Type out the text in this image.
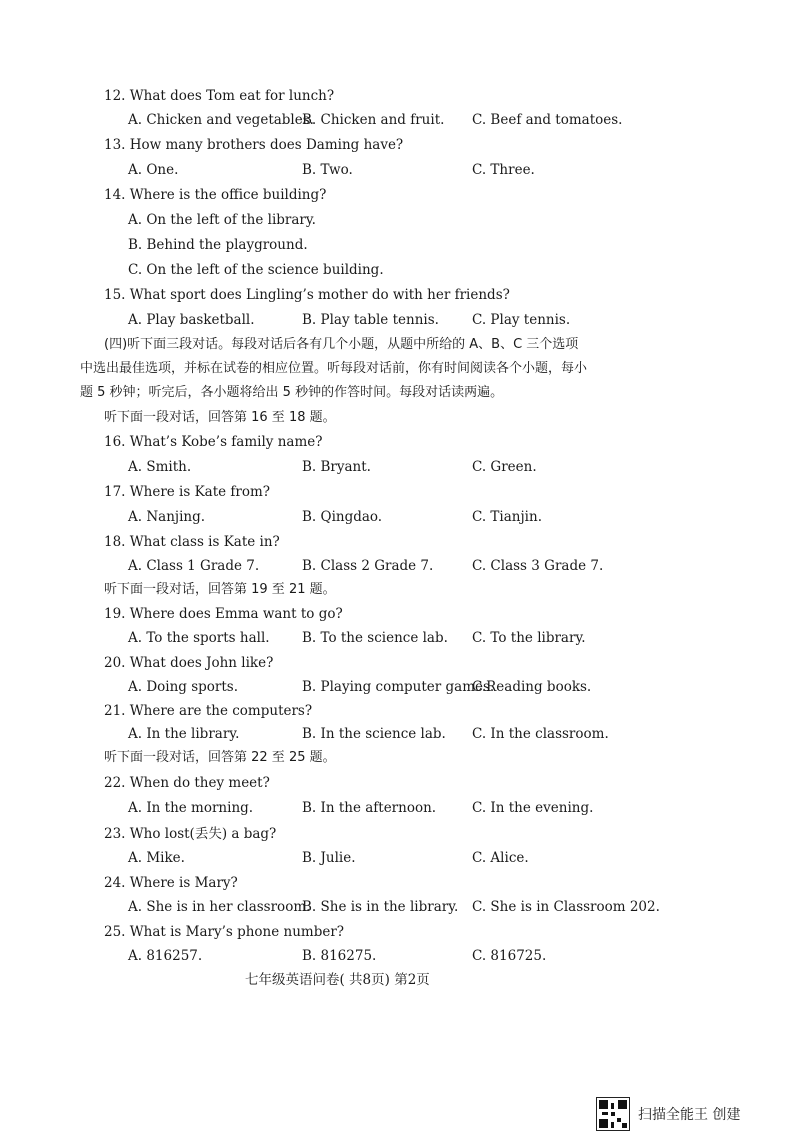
12. What does Tom eat for lunch?
A. Chicken and vegetables.
B. Chicken and fruit. C. Beef and tomatoes.
13. How many brothers does Daming have?
A. One.	B. Two.	C. Three.
14. Where is the office building?
A. On the left of the library.
B. Behind the playground.
C. On the left of the science building.
15. What sport does Lingling’s mother do with her friends?
A. Play basketball.	B. Play table tennis. C. Play tennis.
(四)听下面三段对话。每段对话后各有几个小题，从题中所给的 A、B、C 三个选项
中选出最佳选项，并标在试卷的相应位置。听每段对话前，你有时间阅读各个小题，每小
题 5 秒钟；听完后，各小题将给出 5 秒钟的作答时间。每段对话读两遍。
听下面一段对话，回答第 16 至 18 题。
16. What’s Kobe’s family name?
A. Smith.	B. Bryant.	C. Green.
17. Where is Kate from?
A. Nanjing.	B. Qingdao.	C. Tianjin.
18. What class is Kate in?
A. Class 1 Grade 7.	B. Class 2 Grade 7.	C. Class 3 Grade 7.
听下面一段对话，回答第 19 至 21 题。
19. Where does Emma want to go?
A. To the sports hall. B. To the science lab. C. To the library.
20. What does John like?
A. Doing sports.	B. Playing computer games.
C.Reading books.
21. Where are the computers?
A. In the library.	B. In the science lab. C. In the classroom.
听下面一段对话，回答第 22 至 25 题。
22. When do they meet?
A. In the morning.	B. In the afternoon.	C. In the evening.
23. Who lost(丢失) a bag?
A. Mike.	B. Julie.	C. Alice.
24. Where is Mary?
A. She is in her classroom.
B. She is in the library. C. She is in Classroom 202.
25. What is Mary’s phone number?
A. 816257.	B. 816275.	C. 816725.
七年级英语问卷( 共8页) 第2页
扫描全能王 创建
